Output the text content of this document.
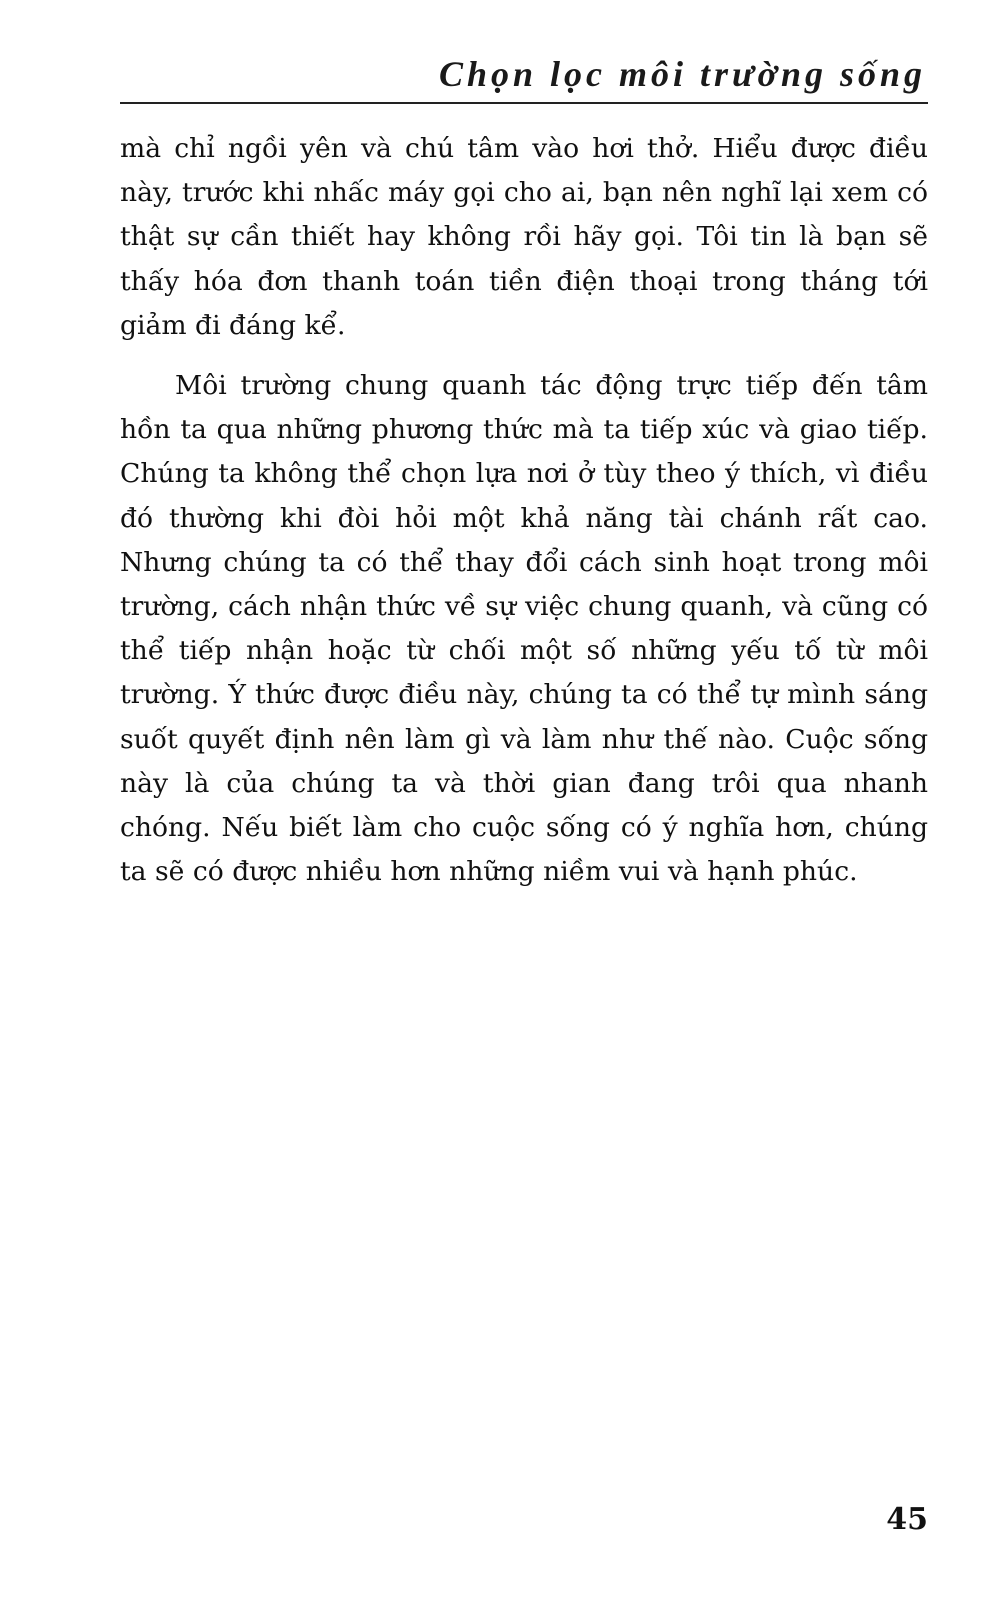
Chọn lọc môi trường sống

mà chỉ ngồi yên và chú tâm vào hơi thở. Hiểu được điều này, trước khi nhấc máy gọi cho ai, bạn nên nghĩ lại xem có thật sự cần thiết hay không rồi hãy gọi. Tôi tin là bạn sẽ thấy hóa đơn thanh toán tiền điện thoại trong tháng tới giảm đi đáng kể.

Môi trường chung quanh tác động trực tiếp đến tâm hồn ta qua những phương thức mà ta tiếp xúc và giao tiếp. Chúng ta không thể chọn lựa nơi ở tùy theo ý thích, vì điều đó thường khi đòi hỏi một khả năng tài chánh rất cao. Nhưng chúng ta có thể thay đổi cách sinh hoạt trong môi trường, cách nhận thức về sự việc chung quanh, và cũng có thể tiếp nhận hoặc từ chối một số những yếu tố từ môi trường. Ý thức được điều này, chúng ta có thể tự mình sáng suốt quyết định nên làm gì và làm như thế nào. Cuộc sống này là của chúng ta và thời gian đang trôi qua nhanh chóng. Nếu biết làm cho cuộc sống có ý nghĩa hơn, chúng ta sẽ có được nhiều hơn những niềm vui và hạnh phúc.

45
